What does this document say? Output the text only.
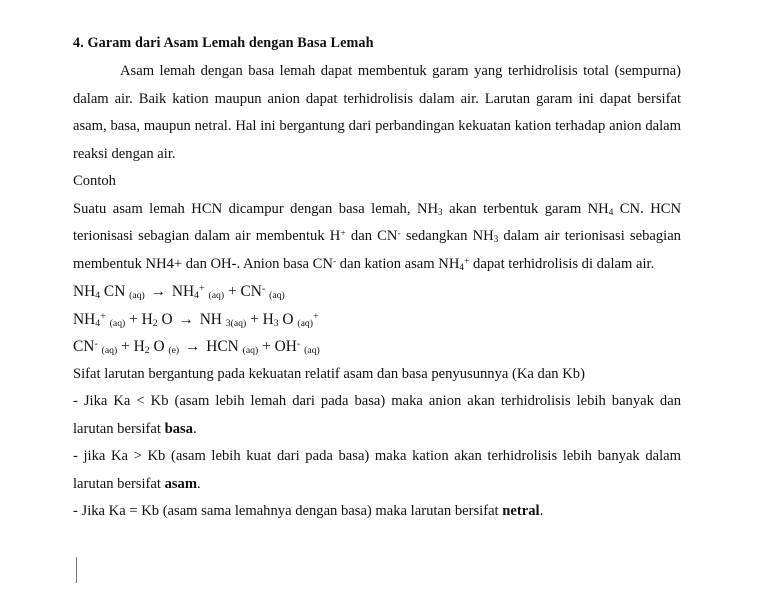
4. Garam dari Asam Lemah dengan Basa Lemah

Asam lemah dengan basa lemah dapat membentuk garam yang terhidrolisis total (sempurna) dalam air. Baik kation maupun anion dapat terhidrolisis dalam air. Larutan garam ini dapat bersifat asam, basa, maupun netral. Hal ini bergantung dari perbandingan kekuatan kation terhadap anion dalam reaksi dengan air.

Contoh

Suatu asam lemah HCN dicampur dengan basa lemah, $NH_3$ akan terbentuk garam $NH_4$ CN. HCN terionisasi sebagian dalam air membentuk H+ dan CN- sedangkan $NH_3$ dalam air terionisasi sebagian membentuk NH4+ dan OH-. Anion basa CN- dan kation asam $NH_4^+$ dapat terhidrolisis di dalam air.

$NH_4$ CN $_{(aq)} \to NH_4^+$ $_{(aq)}$ + CN- $_{(aq)}$

$NH_4^+$ $_{(aq)} + H_2$ O → NH $_{3(aq)} + H_3$ O $_{(aq)}$+

CN- $_{(aq)} + H_2$ O $_{(e)}$ → HCN $_{(aq)}$ + OH- $_{(aq)}$

Sifat larutan bergantung pada kekuatan relatif asam dan basa penyusunnya (Ka dan Kb)

- Jika Ka < Kb (asam lebih lemah dari pada basa) maka anion akan terhidrolisis lebih banyak dan larutan bersifat basa.

- jika Ka > Kb (asam lebih kuat dari pada basa) maka kation akan terhidrolisis lebih banyak dalam larutan bersifat asam.

- Jika Ka = Kb (asam sama lemahnya dengan basa) maka larutan bersifat netral.
